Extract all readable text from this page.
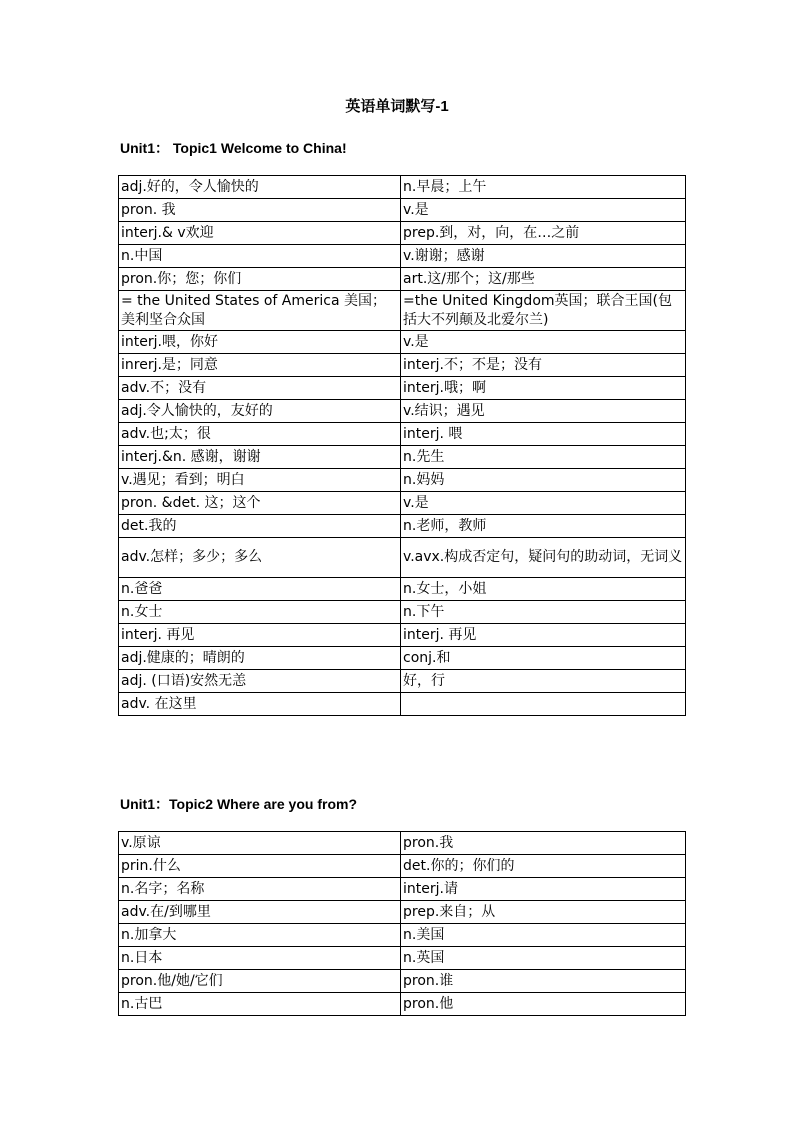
英语单词默写-1
Unit1： Topic1 Welcome to China!
adj.好的，令人愉快的	n.早晨；上午
pron. 我	v.是
interj.& v欢迎	prep.到，对，向，在…之前
n.中国	v.谢谢；感谢
pron.你；您；你们	art.这/那个；这/那些
= the United States of America 美国；美利坚合众国	=the United Kingdom英国；联合王国(包括大不列颠及北爱尔兰)
interj.喂，你好	v.是
inrerj.是；同意	interj.不；不是；没有
adv.不；没有	interj.哦；啊
adj.令人愉快的，友好的	v.结识；遇见
adv.也;太；很	interj. 喂
interj.&n. 感谢，谢谢	n.先生
v.遇见；看到；明白	n.妈妈
pron. &det. 这；这个	v.是
det.我的	n.老师，教师
adv.怎样；多少；多么	v.avx.构成否定句，疑问句的助动词，无词义
n.爸爸	n.女士，小姐
n.女士	n.下午
interj. 再见	interj. 再见
adj.健康的；晴朗的	conj.和
adj. (口语)安然无恙	好，行
adv. 在这里	
Unit1：Topic2 Where are you from?
v.原谅	pron.我
prin.什么	det.你的；你们的
n.名字；名称	interj.请
adv.在/到哪里	prep.来自；从
n.加拿大	n.美国
n.日本	n.英国
pron.他/她/它们	pron.谁
n.古巴	pron.他
